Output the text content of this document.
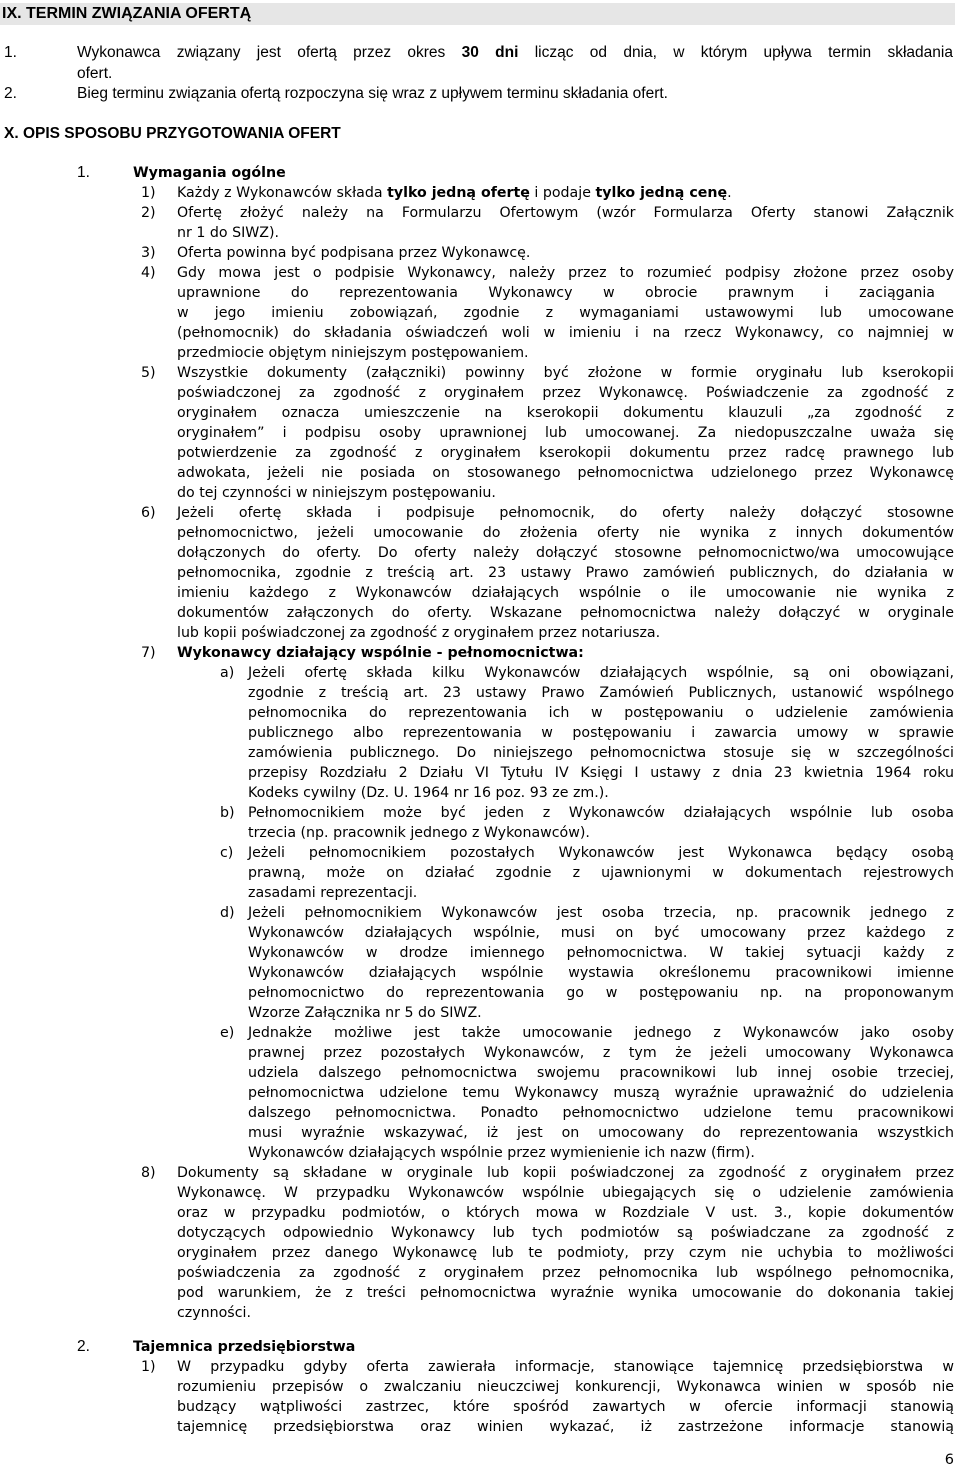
IX. TERMIN ZWIĄZANIA OFERTĄ
1.	Wykonawca związany jest ofertą przez okres 30 dni licząc od dnia, w którym upływa termin składania
ofert.
2.	Bieg terminu związania ofertą rozpoczyna się wraz z upływem terminu składania ofert.
X. OPIS SPOSOBU PRZYGOTOWANIA OFERT
1.	Wymagania ogólne
1) Każdy z Wykonawców składa tylko jedną ofertę i podaje tylko jedną cenę.
2) Ofertę złożyć należy na Formularzu Ofertowym (wzór Formularza Oferty stanowi Załącznik
nr 1 do SIWZ).
3) Oferta powinna być podpisana przez Wykonawcę.
4) Gdy mowa jest o podpisie Wykonawcy, należy przez to rozumieć podpisy złożone przez osoby
uprawnione do reprezentowania Wykonawcy w obrocie prawnym i zaciągania
w jego imieniu zobowiązań, zgodnie z wymaganiami ustawowymi lub umocowane
(pełnomocnik) do składania oświadczeń woli w imieniu i na rzecz Wykonawcy, co najmniej w
przedmiocie objętym niniejszym postępowaniem.
5) Wszystkie dokumenty (załączniki) powinny być złożone w formie oryginału lub kserokopii
poświadczonej za zgodność z oryginałem przez Wykonawcę. Poświadczenie za zgodność z
oryginałem oznacza umieszczenie na kserokopii dokumentu klauzuli „za zgodność z
oryginałem” i podpisu osoby uprawnionej lub umocowanej. Za niedopuszczalne uważa się
potwierdzenie za zgodność z oryginałem kserokopii dokumentu przez radcę prawnego lub
adwokata, jeżeli nie posiada on stosowanego pełnomocnictwa udzielonego przez Wykonawcę
do tej czynności w niniejszym postępowaniu.
6) Jeżeli ofertę składa i podpisuje pełnomocnik, do oferty należy dołączyć stosowne
pełnomocnictwo, jeżeli umocowanie do złożenia oferty nie wynika z innych dokumentów
dołączonych do oferty. Do oferty należy dołączyć stosowne pełnomocnictwo/wa umocowujące
pełnomocnika, zgodnie z treścią art. 23 ustawy Prawo zamówień publicznych, do działania w
imieniu każdego z Wykonawców działających wspólnie o ile umocowanie nie wynika z
dokumentów załączonych do oferty. Wskazane pełnomocnictwa należy dołączyć w oryginale
lub kopii poświadczonej za zgodność z oryginałem przez notariusza.
7) Wykonawcy działający wspólnie - pełnomocnictwa:
a) Jeżeli ofertę składa kilku Wykonawców działających wspólnie, są oni obowiązani,
zgodnie z treścią art. 23 ustawy Prawo Zamówień Publicznych, ustanowić wspólnego
pełnomocnika do reprezentowania ich w postępowaniu o udzielenie zamówienia
publicznego albo reprezentowania w postępowaniu i zawarcia umowy w sprawie
zamówienia publicznego. Do niniejszego pełnomocnictwa stosuje się w szczególności
przepisy Rozdziału 2 Działu VI Tytułu IV Księgi I ustawy z dnia 23 kwietnia 1964 roku
Kodeks cywilny (Dz. U. 1964 nr 16 poz. 93 ze zm.).
b) Pełnomocnikiem może być jeden z Wykonawców działających wspólnie lub osoba
trzecia (np. pracownik jednego z Wykonawców).
c) Jeżeli pełnomocnikiem pozostałych Wykonawców jest Wykonawca będący osobą
prawną, może on działać zgodnie z ujawnionymi w dokumentach rejestrowych
zasadami reprezentacji.
d) Jeżeli pełnomocnikiem Wykonawców jest osoba trzecia, np. pracownik jednego z
Wykonawców działających wspólnie, musi on być umocowany przez każdego z
Wykonawców w drodze imiennego pełnomocnictwa. W takiej sytuacji każdy z
Wykonawców działających wspólnie wystawia określonemu pracownikowi imienne
pełnomocnictwo do reprezentowania go w postępowaniu np. na proponowanym
Wzorze Załącznika nr 5 do SIWZ.
e) Jednakże możliwe jest także umocowanie jednego z Wykonawców jako osoby
prawnej przez pozostałych Wykonawców, z tym że jeżeli umocowany Wykonawca
udziela dalszego pełnomocnictwa swojemu pracownikowi lub innej osobie trzeciej,
pełnomocnictwa udzielone temu Wykonawcy muszą wyraźnie upraważnić do udzielenia
dalszego pełnomocnictwa. Ponadto pełnomocnictwo udzielone temu pracownikowi
musi wyraźnie wskazywać, iż jest on umocowany do reprezentowania wszystkich
Wykonawców działających wspólnie przez wymienienie ich nazw (firm).
8) Dokumenty są składane w oryginale lub kopii poświadczonej za zgodność z oryginałem przez
Wykonawcę. W przypadku Wykonawców wspólnie ubiegających się o udzielenie zamówienia
oraz w przypadku podmiotów, o których mowa w Rozdziale V ust. 3., kopie dokumentów
dotyczących odpowiednio Wykonawcy lub tych podmiotów są poświadczane za zgodność z
oryginałem przez danego Wykonawcę lub te podmioty, przy czym nie uchybia to możliwości
poświadczenia za zgodność z oryginałem przez pełnomocnika lub wspólnego pełnomocnika,
pod warunkiem, że z treści pełnomocnictwa wyraźnie wynika umocowanie do dokonania takiej
czynności.
2.	Tajemnica przedsiębiorstwa
1) W przypadku gdyby oferta zawierała informacje, stanowiące tajemnicę przedsiębiorstwa w
rozumieniu przepisów o zwalczaniu nieuczciwej konkurencji, Wykonawca winien w sposób nie
budzący wątpliwości zastrzec, które spośród zawartych w ofercie informacji stanowią
tajemnicę przedsiębiorstwa oraz winien wykazać, iż zastrzeżone informacje stanowią
6
